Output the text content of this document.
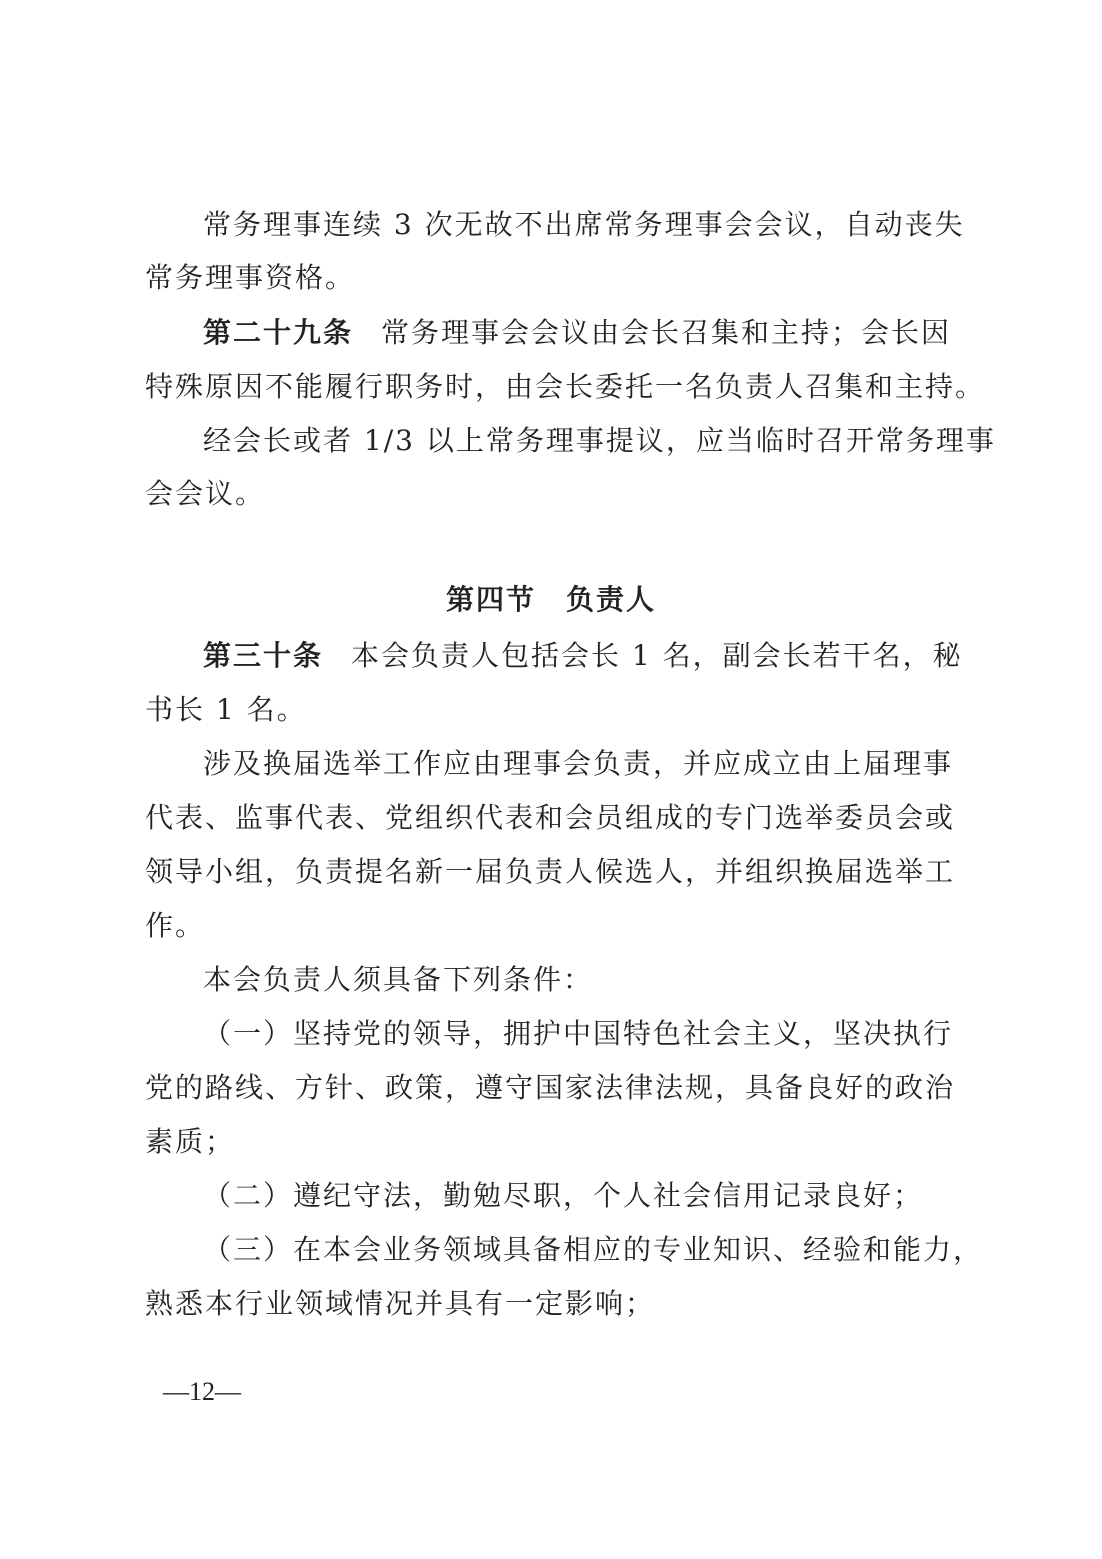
常务理事连续 3 次无故不出席常务理事会会议，自动丧失
常务理事资格。
第二十九条 常务理事会会议由会长召集和主持；会长因
特殊原因不能履行职务时，由会长委托一名负责人召集和主持。
经会长或者 1/3 以上常务理事提议，应当临时召开常务理事
会会议。
第四节　负责人
第三十条 本会负责人包括会长 1 名，副会长若干名，秘
书长 1 名。
涉及换届选举工作应由理事会负责，并应成立由上届理事
代表、监事代表、党组织代表和会员组成的专门选举委员会或
领导小组，负责提名新一届负责人候选人，并组织换届选举工
作。
本会负责人须具备下列条件：
（一）坚持党的领导，拥护中国特色社会主义，坚决执行
党的路线、方针、政策，遵守国家法律法规，具备良好的政治
素质；
（二）遵纪守法，勤勉尽职，个人社会信用记录良好；
（三）在本会业务领域具备相应的专业知识、经验和能力，
熟悉本行业领域情况并具有一定影响；
—12—
